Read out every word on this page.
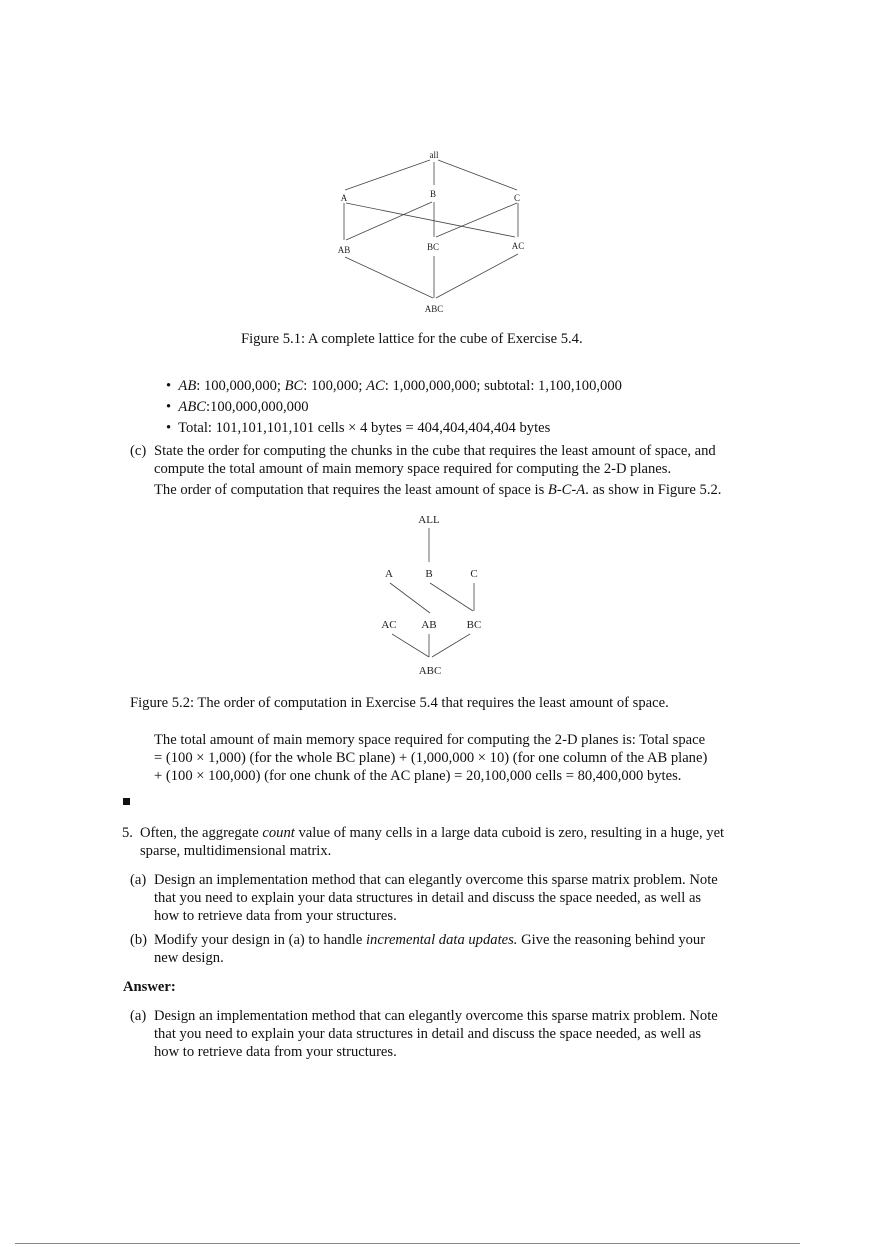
all
A	B	C
AB	BC	AC
ABC
ALL
A	B	C
AC AB	BC
ABC
Figure 5.1: A complete lattice for the cube of Exercise 5.4.
•  AB: 100,000,000; BC: 100,000; AC: 1,000,000,000; subtotal: 1,100,100,000
•  ABC:100,000,000,000
•  Total: 101,101,101,101 cells × 4 bytes = 404,404,404,404 bytes
(c) State the order for computing the chunks in the cube that requires the least amount of space, and
compute the total amount of main memory space required for computing the 2-D planes.
The order of computation that requires the least amount of space is B-C-A. as show in Figure 5.2.
Figure 5.2: The order of computation in Exercise 5.4 that requires the least amount of space.
The total amount of main memory space required for computing the 2-D planes is: Total space
= (100 × 1,000) (for the whole BC plane) + (1,000,000 × 10) (for one column of the AB plane)
+ (100 × 100,000) (for one chunk of the AC plane) = 20,100,000 cells = 80,400,000 bytes.
5. Often, the aggregate count value of many cells in a large data cuboid is zero, resulting in a huge, yet
sparse, multidimensional matrix.
(a) Design an implementation method that can elegantly overcome this sparse matrix problem. Note
that you need to explain your data structures in detail and discuss the space needed, as well as
how to retrieve data from your structures.
(b) Modify your design in (a) to handle incremental data updates. Give the reasoning behind your
new design.
Answer:
(a) Design an implementation method that can elegantly overcome this sparse matrix problem. Note
that you need to explain your data structures in detail and discuss the space needed, as well as
how to retrieve data from your structures.
